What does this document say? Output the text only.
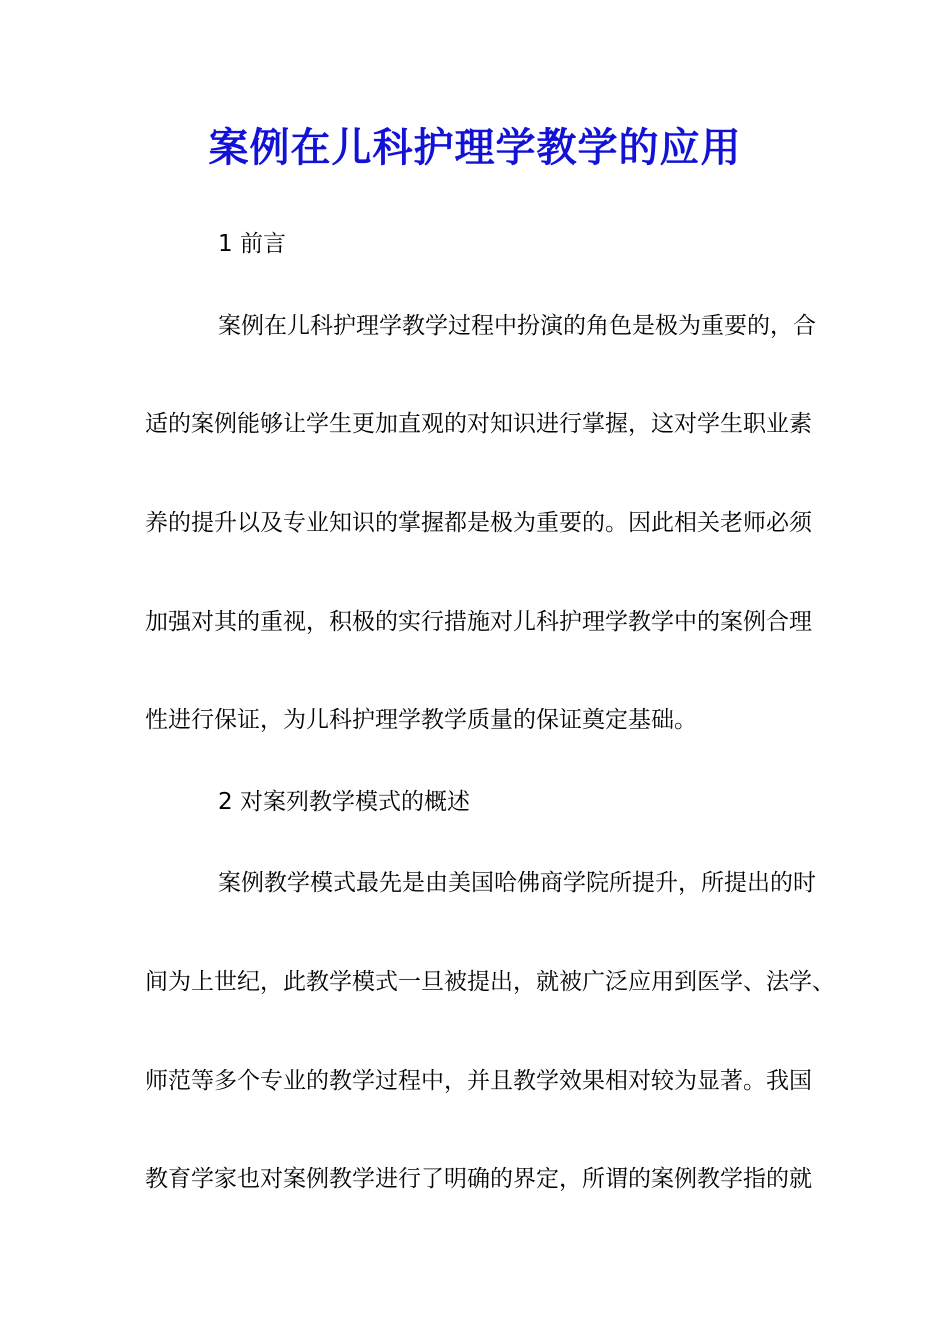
案例在儿科护理学教学的应用
1 前言
案例在儿科护理学教学过程中扮演的角色是极为重要的，合
适的案例能够让学生更加直观的对知识进行掌握，这对学生职业素
养的提升以及专业知识的掌握都是极为重要的。因此相关老师必须
加强对其的重视，积极的实行措施对儿科护理学教学中的案例合理
性进行保证，为儿科护理学教学质量的保证奠定基础。
2 对案列教学模式的概述
案例教学模式最先是由美国哈佛商学院所提升，所提出的时
间为上世纪，此教学模式一旦被提出，就被广泛应用到医学、法学、
师范等多个专业的教学过程中，并且教学效果相对较为显著。我国
教育学家也对案例教学进行了明确的界定，所谓的案例教学指的就
